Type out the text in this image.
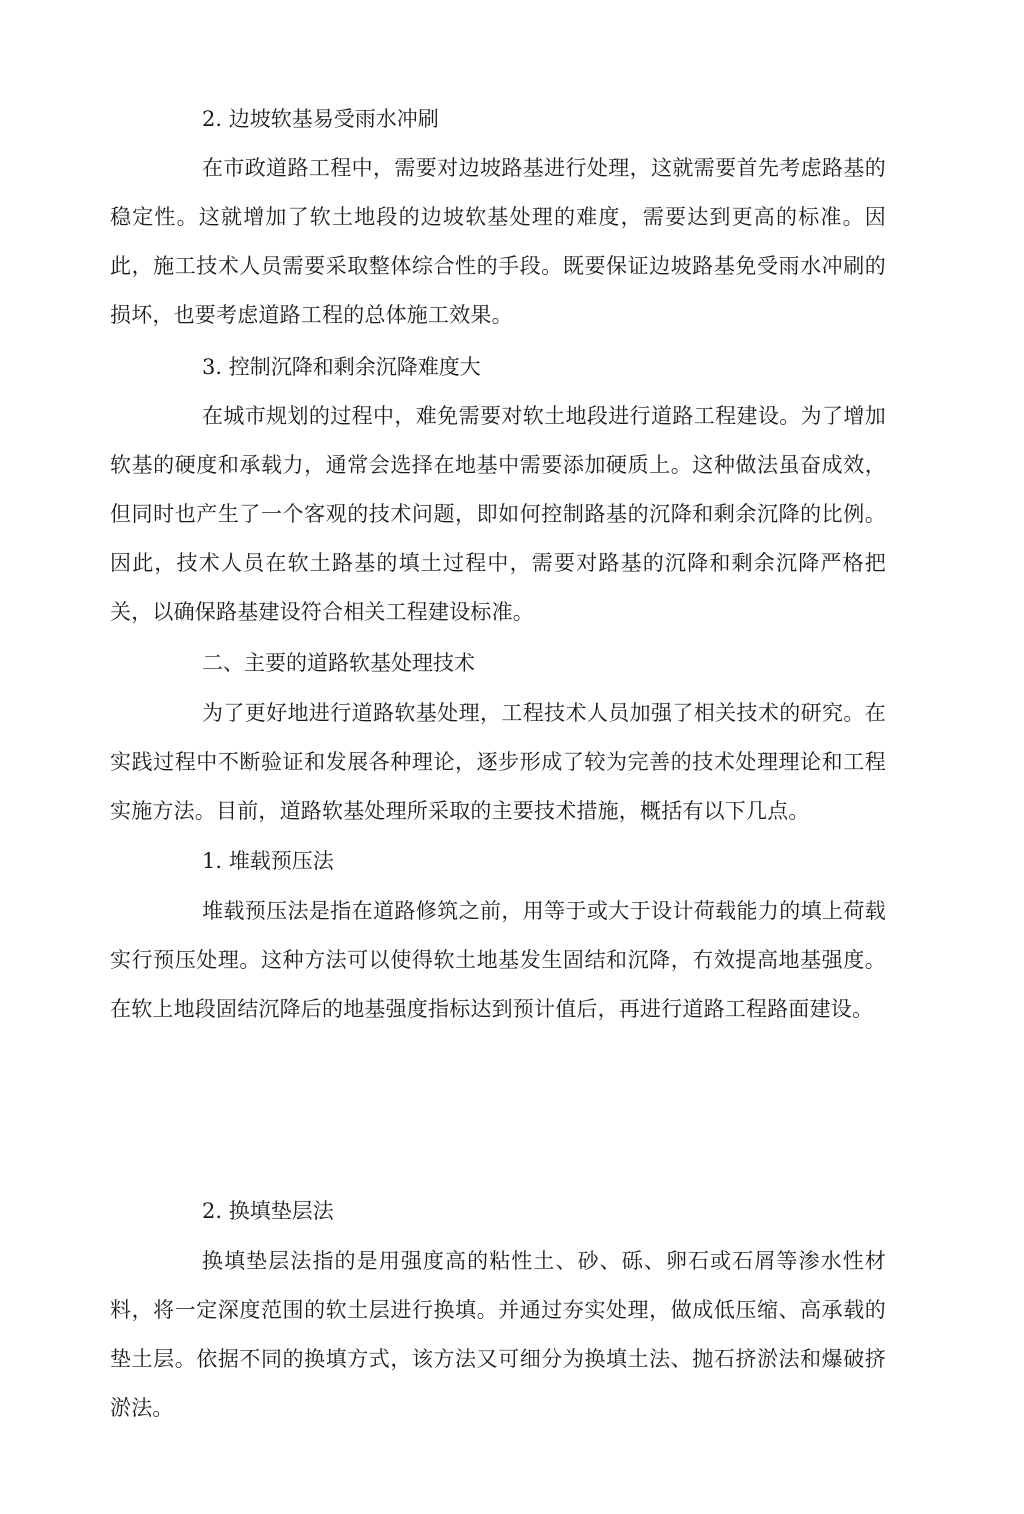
2. 边坡软基易受雨水冲刷
在市政道路工程中，需要对边坡路基进行处理，这就需要首先考虑路基的稳定性。这就增加了软土地段的边坡软基处理的难度，需要达到更高的标准。因此，施工技术人员需要采取整体综合性的手段。既要保证边坡路基免受雨水冲刷的损坏，也要考虑道路工程的总体施工效果。
3. 控制沉降和剩余沉降难度大
在城市规划的过程中，难免需要对软土地段进行道路工程建设。为了增加软基的硬度和承载力，通常会选择在地基中需要添加硬质上。这种做法虽奋成效，但同时也产生了一个客观的技术问题，即如何控制路基的沉降和剩余沉降的比例。因此，技术人员在软土路基的填土过程中，需要对路基的沉降和剩余沉降严格把关，以确保路基建设符合相关工程建设标准。
二、主要的道路软基处理技术
为了更好地进行道路软基处理，工程技术人员加强了相关技术的研究。在实践过程中不断验证和发展各种理论，逐步形成了较为完善的技术处理理论和工程实施方法。目前，道路软基处理所采取的主要技术措施，概括有以下几点。
1. 堆载预压法
堆载预压法是指在道路修筑之前，用等于或大于设计荷载能力的填上荷载实行预压处理。这种方法可以使得软土地基发生固结和沉降，冇效提高地基强度。在软上地段固结沉降后的地基强度指标达到预计值后，再进行道路工程路面建设。
2. 换填垫层法
换填垫层法指的是用强度高的粘性土、砂、砾、卵石或石屑等渗水性材料，将一定深度范围的软土层进行换填。并通过夯实处理，做成低压缩、高承载的垫土层。依据不同的换填方式，该方法又可细分为换填土法、抛石挤淤法和爆破挤淤法。
